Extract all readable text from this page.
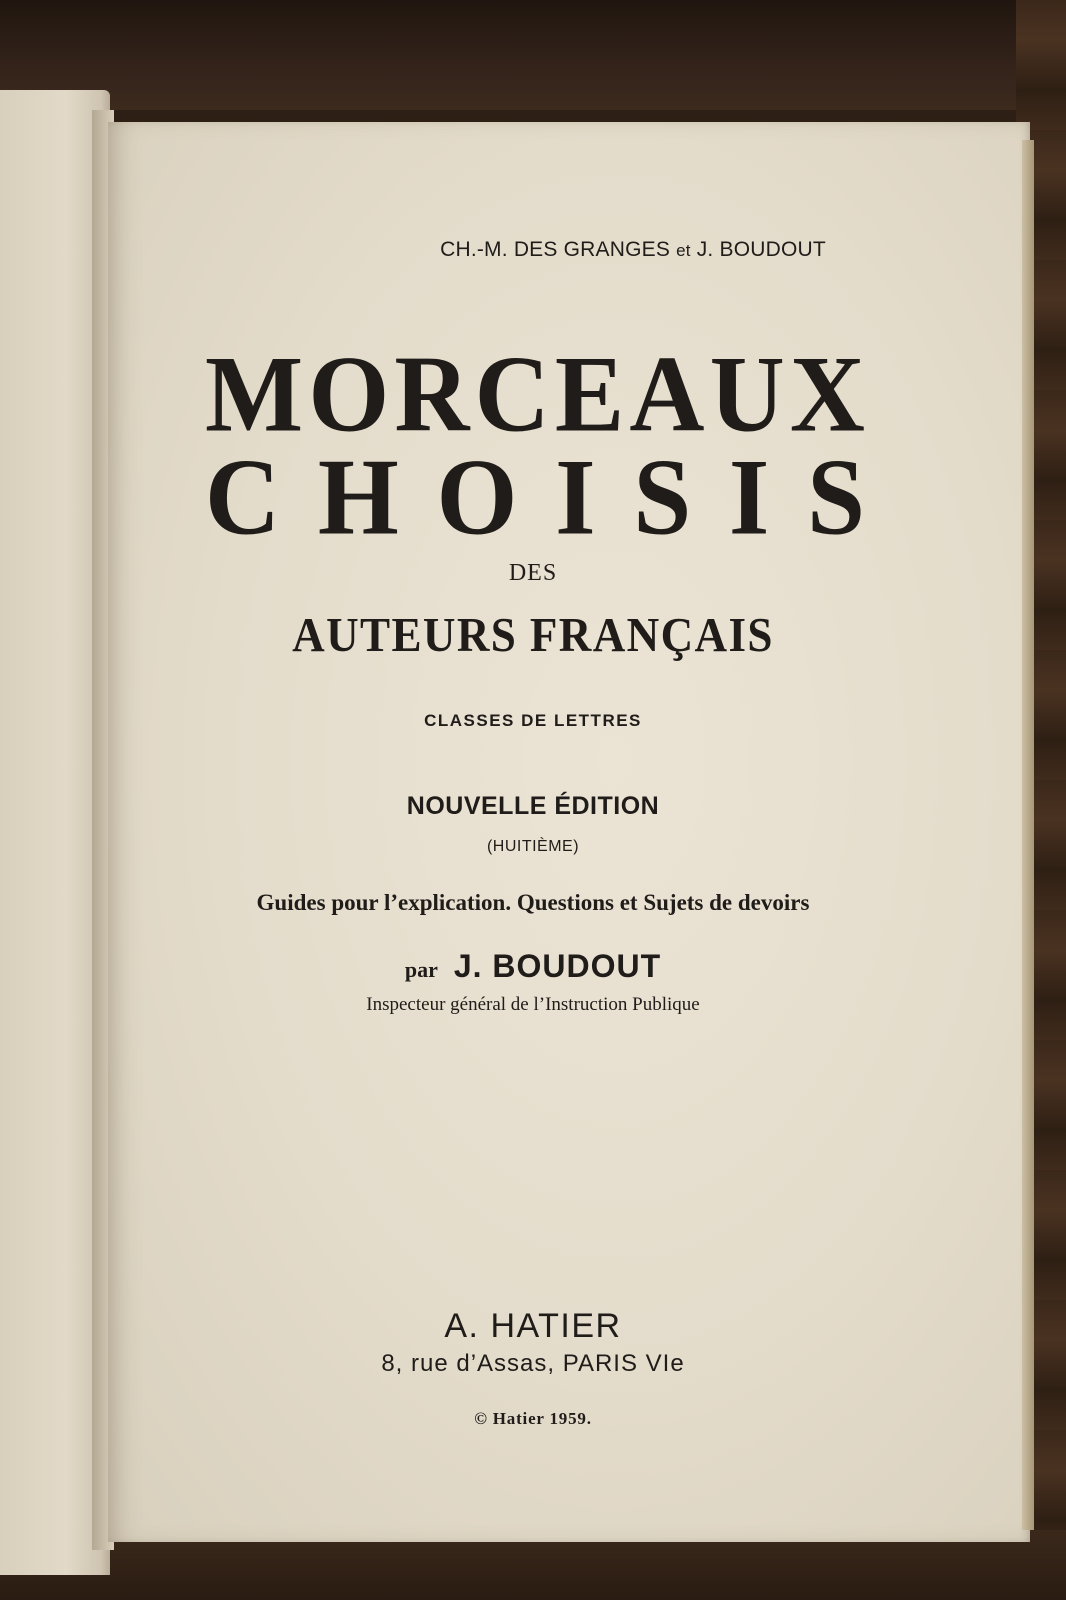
CH.-M. DES GRANGES et J. BOUDOUT
M O R C E A U X
C H O I S I S
DES
AUTEURS FRANÇAIS
CLASSES DE LETTRES
NOUVELLE ÉDITION
(HUITIÈME)
Guides pour l’explication. Questions et Sujets de devoirs
par J. BOUDOUT
Inspecteur général de l’Instruction Publique
A. HATIER
8, rue d’Assas, PARIS VIe
© Hatier 1959.
